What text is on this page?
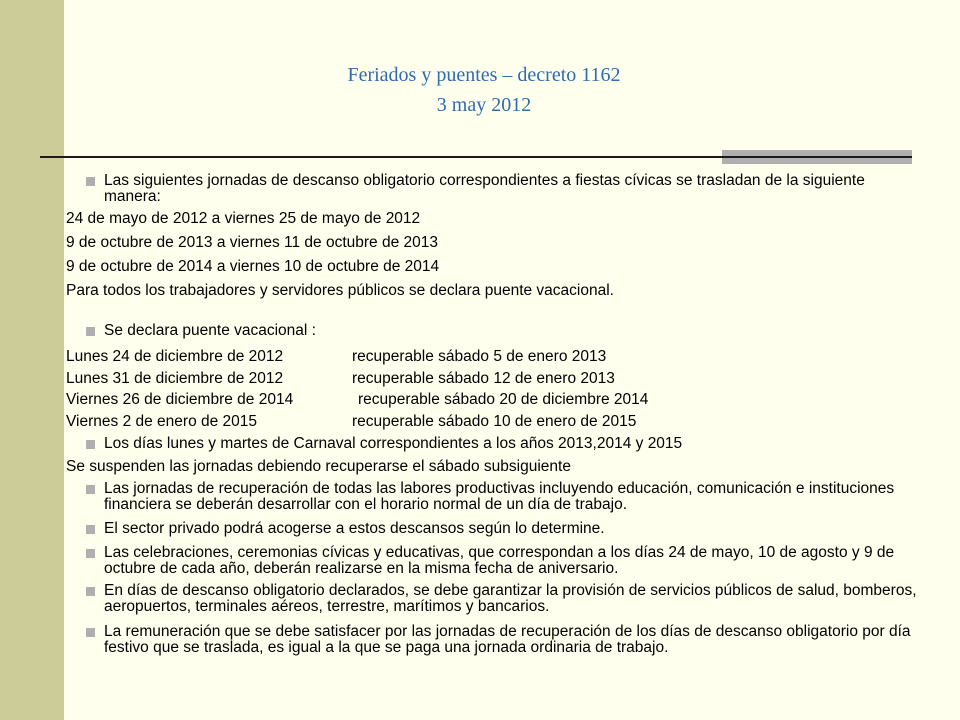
Feriados y puentes – decreto 1162
3 may 2012
Las siguientes jornadas de descanso obligatorio correspondientes a fiestas cívicas se trasladan de la siguiente manera:
24 de mayo de 2012 a viernes 25 de mayo de 2012
9 de octubre de 2013 a viernes 11 de octubre de 2013
9 de octubre de 2014 a viernes 10 de octubre de 2014
Para todos los trabajadores y servidores públicos se declara puente vacacional.
Se declara puente vacacional :
Lunes 24 de diciembre de 2012	recuperable sábado 5 de enero 2013
Lunes 31 de diciembre de 2012	recuperable sábado 12 de enero 2013
Viernes 26 de diciembre de 2014	recuperable sábado 20 de diciembre 2014
Viernes 2 de enero de 2015	recuperable sábado 10 de enero de 2015
Los días lunes y martes de Carnaval correspondientes a los años 2013,2014 y 2015
Se suspenden las jornadas debiendo recuperarse el sábado subsiguiente
Las jornadas de recuperación de todas las labores productivas incluyendo educación, comunicación e instituciones financiera se deberán desarrollar con el horario normal de un día de trabajo.
El sector privado podrá acogerse a estos descansos según lo determine.
Las celebraciones, ceremonias cívicas y educativas, que correspondan a los días 24 de mayo, 10 de agosto y 9 de octubre de cada año, deberán realizarse en la misma fecha de aniversario.
En días de descanso obligatorio declarados, se debe garantizar la provisión de servicios públicos de salud, bomberos, aeropuertos, terminales aéreos, terrestre, marítimos y bancarios.
La remuneración que se debe satisfacer por las jornadas de recuperación de los días de descanso obligatorio por día festivo que se traslada, es igual a la que se paga una jornada ordinaria de trabajo.
